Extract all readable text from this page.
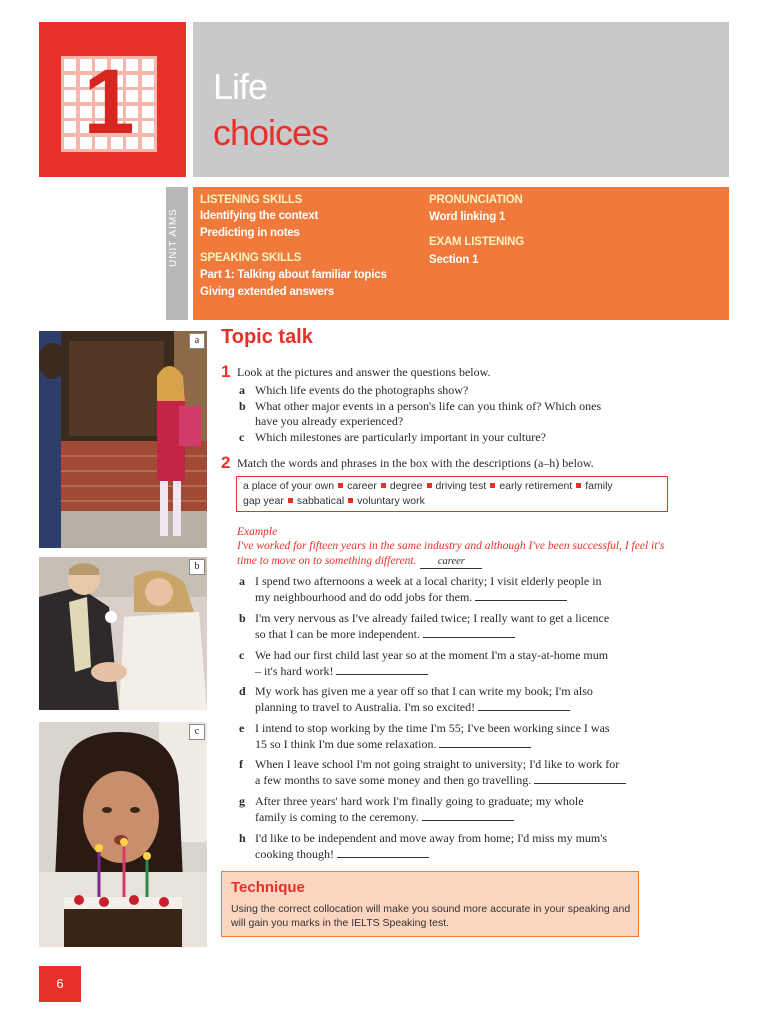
1	Life
choices
UNIT AIMS
LISTENING SKILLS
Identifying the context
Predicting in notes
SPEAKING SKILLS
Part 1: Talking about familiar topics
Giving extended answers
PRONUNCIATION
Word linking 1
EXAM LISTENING
Section 1
a
b
c
Topic talk
1 Look at the pictures and answer the questions below.
a Which life events do the photographs show?
b What other major events in a person's life can you think of? Which ones
have you already experienced?
c Which milestones are particularly important in your culture?
2 Match the words and phrases in the box with the descriptions (a–h) below.
a place of your own career degree driving test early retirement family
gap year sabbatical voluntary work
Example
I've worked for fifteen years in the same industry and although I've been successful, I feel it's time to move on to something different. career
a I spend two afternoons a week at a local charity; I visit elderly people in
my neighbourhood and do odd jobs for them.
b I'm very nervous as I've already failed twice; I really want to get a licence
so that I can be more independent.
c We had our first child last year so at the moment I'm a stay-at-home mum
– it's hard work!
d My work has given me a year off so that I can write my book; I'm also
planning to travel to Australia. I'm so excited!
e I intend to stop working by the time I'm 55; I've been working since I was
15 so I think I'm due some relaxation.
f When I leave school I'm not going straight to university; I'd like to work for
a few months to save some money and then go travelling.
g After three years' hard work I'm finally going to graduate; my whole
family is coming to the ceremony.
h I'd like to be independent and move away from home; I'd miss my mum's
cooking though!
Technique
Using the correct collocation will make you sound more accurate in your speaking and will gain you marks in the IELTS Speaking test.
6
